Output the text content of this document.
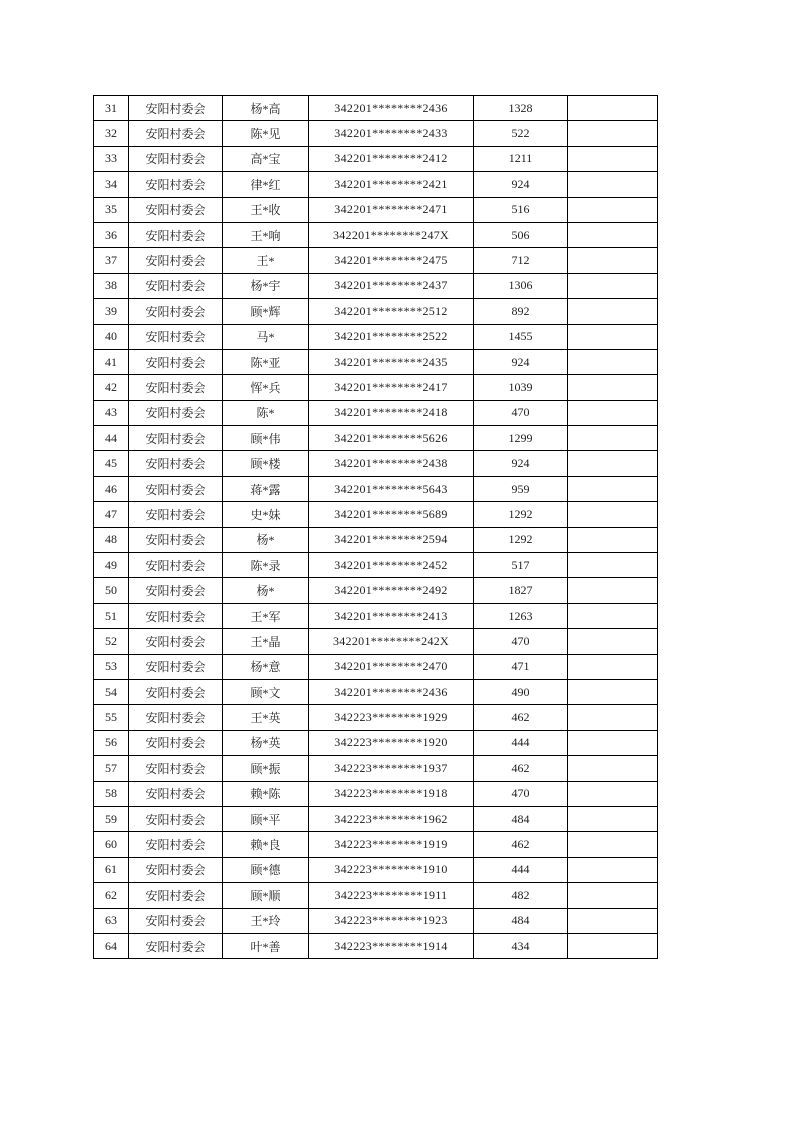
31	安阳村委会	杨*高	342201********2436	1328	
32	安阳村委会	陈*见	342201********2433	522	
33	安阳村委会	高*宝	342201********2412	1211	
34	安阳村委会	律*红	342201********2421	924	
35	安阳村委会	王*收	342201********2471	516	
36	安阳村委会	王*响	342201********247X	506	
37	安阳村委会	王*	342201********2475	712	
38	安阳村委会	杨*宇	342201********2437	1306	
39	安阳村委会	顾*辉	342201********2512	892	
40	安阳村委会	马*	342201********2522	1455	
41	安阳村委会	陈*亚	342201********2435	924	
42	安阳村委会	恽*兵	342201********2417	1039	
43	安阳村委会	陈*	342201********2418	470	
44	安阳村委会	顾*伟	342201********5626	1299	
45	安阳村委会	顾*楼	342201********2438	924	
46	安阳村委会	蒋*露	342201********5643	959	
47	安阳村委会	史*妹	342201********5689	1292	
48	安阳村委会	杨*	342201********2594	1292	
49	安阳村委会	陈*录	342201********2452	517	
50	安阳村委会	杨*	342201********2492	1827	
51	安阳村委会	王*军	342201********2413	1263	
52	安阳村委会	王*晶	342201********242X	470	
53	安阳村委会	杨*意	342201********2470	471	
54	安阳村委会	顾*文	342201********2436	490	
55	安阳村委会	王*英	342223********1929	462	
56	安阳村委会	杨*英	342223********1920	444	
57	安阳村委会	顾*振	342223********1937	462	
58	安阳村委会	赖*陈	342223********1918	470	
59	安阳村委会	顾*平	342223********1962	484	
60	安阳村委会	赖*良	342223********1919	462	
61	安阳村委会	顾*德	342223********1910	444	
62	安阳村委会	顾*顺	342223********1911	482	
63	安阳村委会	王*玲	342223********1923	484	
64	安阳村委会	叶*善	342223********1914	434	
